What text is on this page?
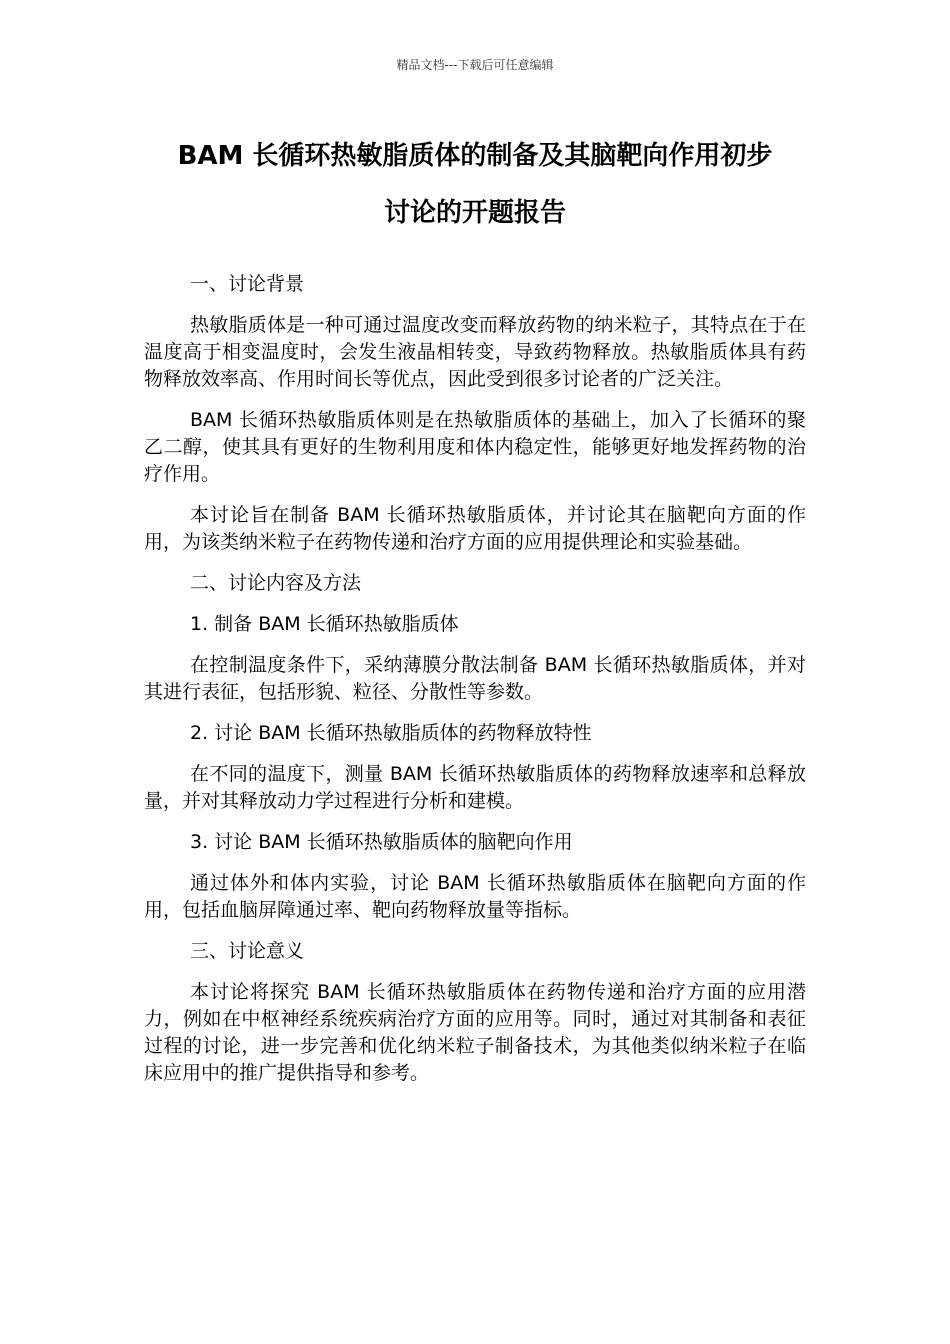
精品文档---下载后可任意编辑
BAM 长循环热敏脂质体的制备及其脑靶向作用初步
讨论的开题报告

一、讨论背景

热敏脂质体是一种可通过温度改变而释放药物的纳米粒子，其特点在于在温度高于相变温度时，会发生液晶相转变，导致药物释放。热敏脂质体具有药物释放效率高、作用时间长等优点，因此受到很多讨论者的广泛关注。

BAM 长循环热敏脂质体则是在热敏脂质体的基础上，加入了长循环的聚乙二醇，使其具有更好的生物利用度和体内稳定性，能够更好地发挥药物的治疗作用。

本讨论旨在制备 BAM 长循环热敏脂质体，并讨论其在脑靶向方面的作用，为该类纳米粒子在药物传递和治疗方面的应用提供理论和实验基础。

二、讨论内容及方法

1. 制备 BAM 长循环热敏脂质体

在控制温度条件下，采纳薄膜分散法制备 BAM 长循环热敏脂质体，并对其进行表征，包括形貌、粒径、分散性等参数。

2. 讨论 BAM 长循环热敏脂质体的药物释放特性

在不同的温度下，测量 BAM 长循环热敏脂质体的药物释放速率和总释放量，并对其释放动力学过程进行分析和建模。

3. 讨论 BAM 长循环热敏脂质体的脑靶向作用

通过体外和体内实验，讨论 BAM 长循环热敏脂质体在脑靶向方面的作用，包括血脑屏障通过率、靶向药物释放量等指标。

三、讨论意义

本讨论将探究 BAM 长循环热敏脂质体在药物传递和治疗方面的应用潜力，例如在中枢神经系统疾病治疗方面的应用等。同时，通过对其制备和表征过程的讨论，进一步完善和优化纳米粒子制备技术，为其他类似纳米粒子在临床应用中的推广提供指导和参考。
